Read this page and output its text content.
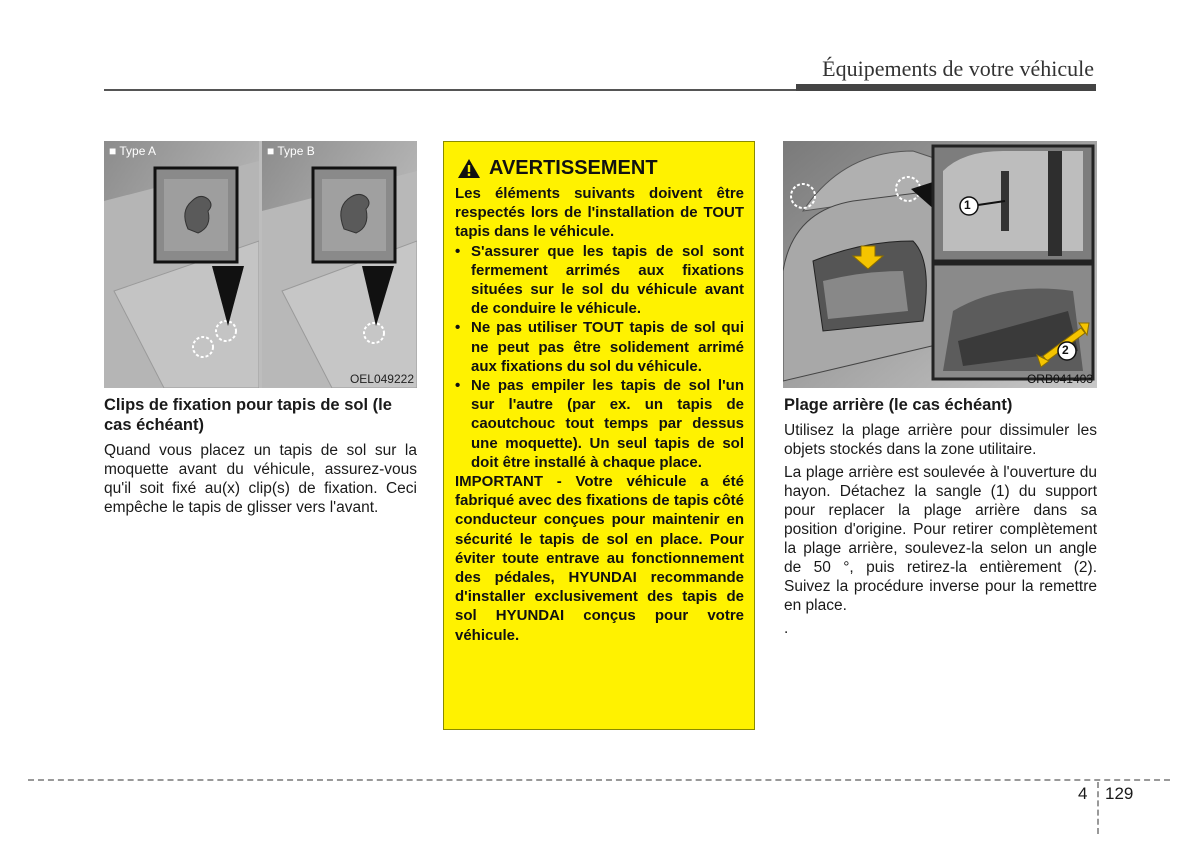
Équipements de votre véhicule
■ Type A	■ Type B
OEL049222
Clips de fixation pour tapis de sol (le cas échéant)
Quand vous placez un tapis de sol sur la moquette avant du véhicule, assurez-vous qu'il soit fixé au(x) clip(s) de fixation. Ceci empêche le tapis de glisser vers l'avant.
AVERTISSEMENT

Les éléments suivants doivent être respectés lors de l'installation de TOUT tapis dans le véhicule.

• S'assurer que les tapis de sol sont fermement arrimés aux fixations situées sur le sol du véhicule avant de conduire le véhicule.
• Ne pas utiliser TOUT tapis de sol qui ne peut pas être solidement arrimé aux fixations du sol du véhicule.
• Ne pas empiler les tapis de sol l'un sur l'autre (par ex. un tapis de caoutchouc tout temps par dessus une moquette). Un seul tapis de sol doit être installé à chaque place.

IMPORTANT - Votre véhicule a été fabriqué avec des fixations de tapis côté conducteur conçues pour maintenir en sécurité le tapis de sol en place. Pour éviter toute entrave au fonctionnement des pédales, HYUNDAI recommande d'installer exclusivement des tapis de sol HYUNDAI conçus pour votre véhicule.

1
2
ORB041403
Plage arrière (le cas échéant)

Utilisez la plage arrière pour dissimuler les objets stockés dans la zone utilitaire.

La plage arrière est soulevée à l'ouverture du hayon. Détachez la sangle (1) du support pour replacer la plage arrière dans sa position d'origine. Pour retirer complètement la plage arrière, soulevez-la selon un angle de 50 °, puis retirez-la entièrement (2). Suivez la procédure inverse pour la remettre en place.

.

4 129
